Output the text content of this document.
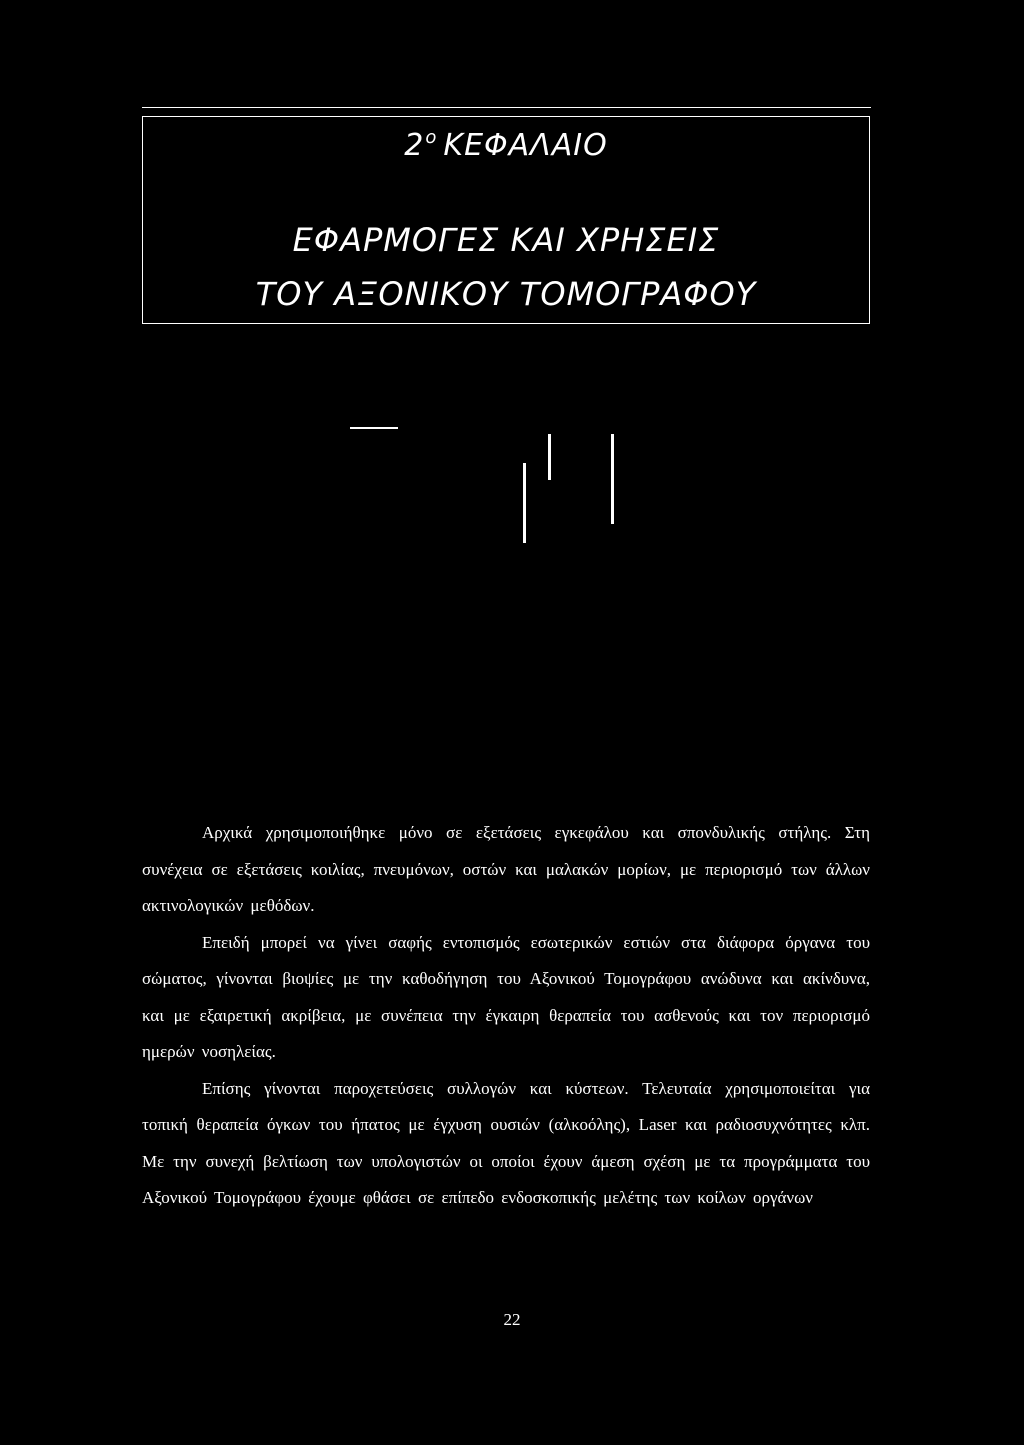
2$^o$ ΚΕΦΑΛΑΙΟ
ΕΦΑΡΜΟΓΕΣ ΚΑΙ ΧΡΗΣΕΙΣ
ΤΟΥ ΑΞΟΝΙΚΟΥ ΤΟΜΟΓΡΑΦΟΥ

Αρχικά χρησιμοποιήθηκε μόνο σε εξετάσεις εγκεφάλου και σπονδυλικής στήλης. Στη συνέχεια σε εξετάσεις κοιλίας, πνευμόνων, οστών και μαλακών μορίων, με περιορισμό των άλλων ακτινολογικών μεθόδων.

Επειδή μπορεί να γίνει σαφής εντοπισμός εσωτερικών εστιών στα διάφορα όργανα του σώματος, γίνονται βιοψίες με την καθοδήγηση του Αξονικού Τομογράφου ανώδυνα και ακίνδυνα, και με εξαιρετική ακρίβεια, με συνέπεια την έγκαιρη θεραπεία του ασθενούς και τον περιορισμό ημερών νοσηλείας.

Επίσης γίνονται παροχετεύσεις συλλογών και κύστεων. Τελευταία χρησιμοποιείται για τοπική θεραπεία όγκων του ήπατος με έγχυση ουσιών (αλκοόλης), Laser και ραδιοσυχνότητες κλπ. Με την συνεχή βελτίωση των υπολογιστών οι οποίοι έχουν άμεση σχέση με τα προγράμματα του Αξονικού Τομογράφου έχουμε φθάσει σε επίπεδο ενδοσκοπικής μελέτης των κοίλων οργάνων

22
